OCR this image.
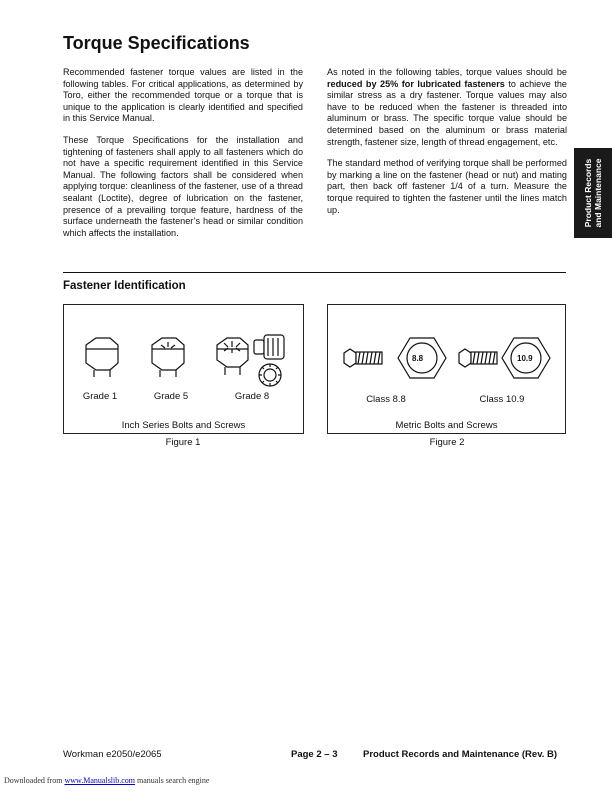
Torque Specifications

Recommended fastener torque values are listed in the following tables. For critical applications, as determined by Toro, either the recommended torque or a torque that is unique to the application is clearly identified and specified in this Service Manual.

These Torque Specifications for the installation and tightening of fasteners shall apply to all fasteners which do not have a specific requirement identified in this Service Manual. The following factors shall be considered when applying torque: cleanliness of the fastener, use of a thread sealant (Loctite), degree of lubrication on the fastener, presence of a prevailing torque feature, hardness of the surface underneath the fastener’s head or similar condition which affects the installation.

As noted in the following tables, torque values should be reduced by 25% for lubricated fasteners to achieve the similar stress as a dry fastener. Torque values may also have to be reduced when the fastener is threaded into aluminum or brass. The specific torque value should be determined based on the aluminum or brass material strength, fastener size, length of thread engagement, etc.

The standard method of verifying torque shall be performed by marking a line on the fastener (head or nut) and mating part, then back off fastener 1/4 of a turn. Measure the torque required to tighten the fastener until the lines match up.	Product Records and Maintenance
Fastener Identification
Grade 1	Grade 5	Grade 8
Inch Series Bolts and Screws
Figure 1
8.8	10.9
Class 8.8	Class 10.9
Metric Bolts and Screws
Figure 2
Workman e2050/e2065	Page 2 – 3	Product Records and Maintenance (Rev. B)
Downloaded from www.Manualslib.com manuals search engine
